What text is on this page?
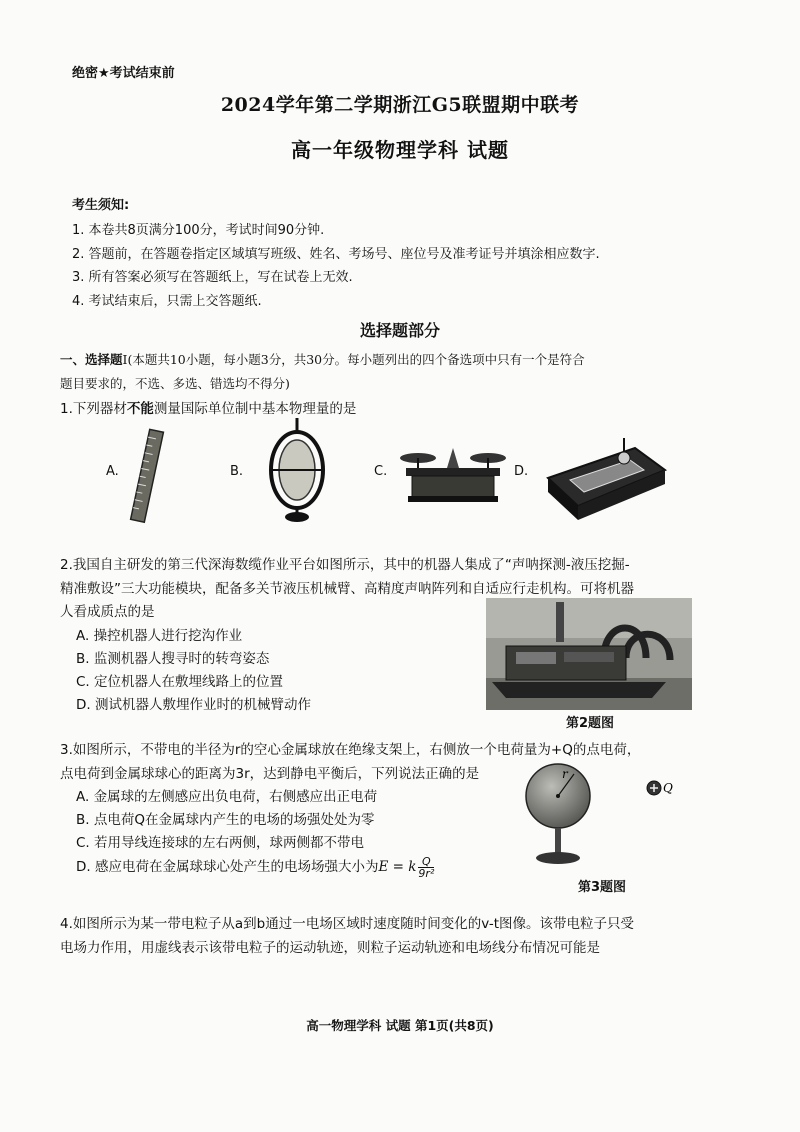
绝密★考试结束前
2024学年第二学期浙江G5联盟期中联考
高一年级物理学科 试题
考生须知:
1. 本卷共8页满分100分，考试时间90分钟.
2. 答题前，在答题卷指定区域填写班级、姓名、考场号、座位号及准考证号并填涂相应数字.
3. 所有答案必须写在答题纸上，写在试卷上无效.
4. 考试结束后，只需上交答题纸.
选择题部分
一、选择题Ⅰ(本题共10小题，每小题3分，共30分。每小题列出的四个备选项中只有一个是符合
题目要求的，不选、多选、错选均不得分)
1.下列器材不能测量国际单位制中基本物理量的是
A.	B.	C.	D.
2.我国自主研发的第三代深海数缆作业平台如图所示，其中的机器人集成了“声呐探测-液压挖掘-
精准敷设”三大功能模块，配备多关节液压机械臂、高精度声呐阵列和自适应行走机构。可将机器
人看成质点的是
A. 操控机器人进行挖沟作业
B. 监测机器人搜寻时的转弯姿态
C. 定位机器人在敷埋线路上的位置
D. 测试机器人敷埋作业时的机械臂动作
第2题图
3.如图所示，不带电的半径为r的空心金属球放在绝缘支架上，右侧放一个电荷量为+Q的点电荷，
点电荷到金属球球心的距离为3r，达到静电平衡后，下列说法正确的是
A. 金属球的左侧感应出负电荷，右侧感应出正电荷
B. 点电荷Q在金属球内产生的电场的场强处处为零
C. 若用导线连接球的左右两侧，球两侧都不带电
D. 感应电荷在金属球球心处产生的电场场强大小为E = k $\frac{Q}{\text{9r²}}$
r
Q
第3题图
4.如图所示为某一带电粒子从a到b通过一电场区域时速度随时间变化的v-t图像。该带电粒子只受
电场力作用，用虚线表示该带电粒子的运动轨迹，则粒子运动轨迹和电场线分布情况可能是
高一物理学科 试题 第1页(共8页)
